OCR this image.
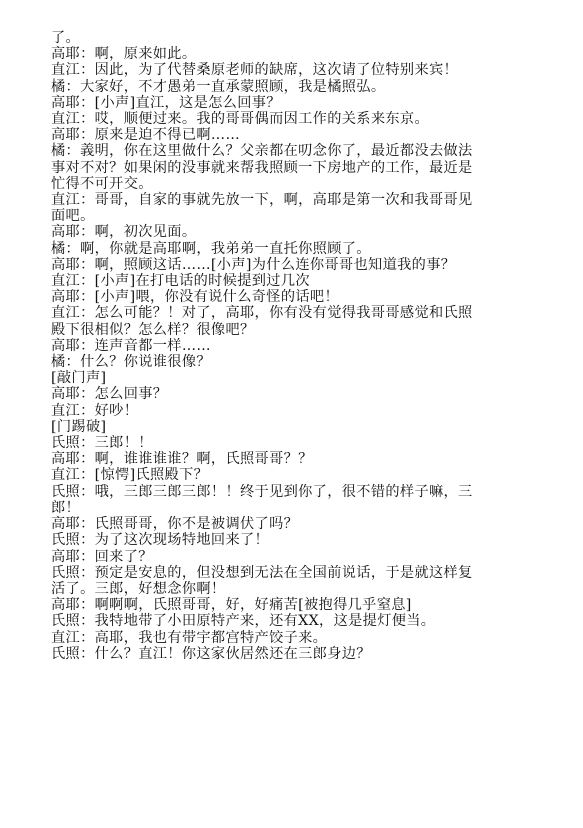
了。
高耶：啊，原来如此。
直江：因此，为了代替桑原老师的缺席，这次请了位特别来宾！
橘：大家好，不才愚弟一直承蒙照顾，我是橘照弘。
高耶：[小声]直江，这是怎么回事？
直江：哎，顺便过来。我的哥哥偶而因工作的关系来东京。
高耶：原来是迫不得已啊……
橘：義明，你在这里做什么？父亲都在叨念你了，最近都没去做法
事对不对？如果闲的没事就来帮我照顾一下房地产的工作，最近是
忙得不可开交。
直江：哥哥，自家的事就先放一下，啊，高耶是第一次和我哥哥见
面吧。
高耶：啊，初次见面。
橘：啊，你就是高耶啊，我弟弟一直托你照顾了。
高耶：啊，照顾这话……[小声]为什么连你哥哥也知道我的事？
直江：[小声]在打电话的时候提到过几次
高耶：[小声]喂，你没有说什么奇怪的话吧！
直江：怎么可能？！对了，高耶，你有没有觉得我哥哥感觉和氏照
殿下很相似？怎么样？很像吧？
高耶：连声音都一样……
橘：什么？你说谁很像？
[敲门声]
高耶：怎么回事？
直江：好吵！
[门踢破]
氏照：三郎！！
高耶：啊，谁谁谁谁？啊，氏照哥哥？？
直江：[惊愕]氏照殿下？
氏照：哦，三郎三郎三郎！！终于见到你了，很不错的样子嘛，三
郎！
高耶：氏照哥哥，你不是被调伏了吗？
氏照：为了这次现场特地回来了！
高耶：回来了？
氏照：预定是安息的，但没想到无法在全国前说话，于是就这样复
活了。三郎，好想念你啊！
高耶：啊啊啊，氏照哥哥，好，好痛苦[被抱得几乎窒息]
氏照：我特地带了小田原特产来，还有XX，这是提灯便当。
直江：高耶，我也有带宇都宫特产饺子来。
氏照：什么？直江！你这家伙居然还在三郎身边？
